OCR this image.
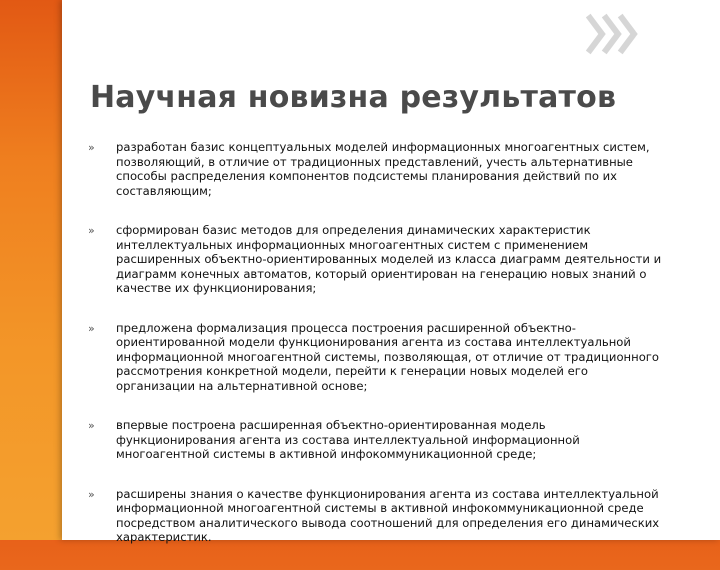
Научная новизна результатов
» разработан базис концептуальных моделей информационных многоагентных систем, позволяющий, в отличие от традиционных представлений, учесть альтернативные способы распределения компонентов подсистемы планирования действий по их составляющим;
» сформирован базис методов для определения динамических характеристик интеллектуальных информационных многоагентных систем с применением расширенных объектно-ориентированных моделей из класса диаграмм деятельности и диаграмм конечных автоматов, который ориентирован на генерацию новых знаний о качестве их функционирования;
» предложена формализация процесса построения расширенной объектно-ориентированной модели функционирования агента из состава интеллектуальной информационной многоагентной системы, позволяющая, от отличие от традиционного рассмотрения конкретной модели, перейти к генерации новых моделей его организации на альтернативной основе;
» впервые построена расширенная объектно-ориентированная модель функционирования агента из состава интеллектуальной информационной многоагентной системы в активной инфокоммуникационной среде;
» расширены знания о качестве функционирования агента из состава интеллектуальной информационной многоагентной системы в активной инфокоммуникационной среде посредством аналитического вывода соотношений для определения его динамических характеристик.
